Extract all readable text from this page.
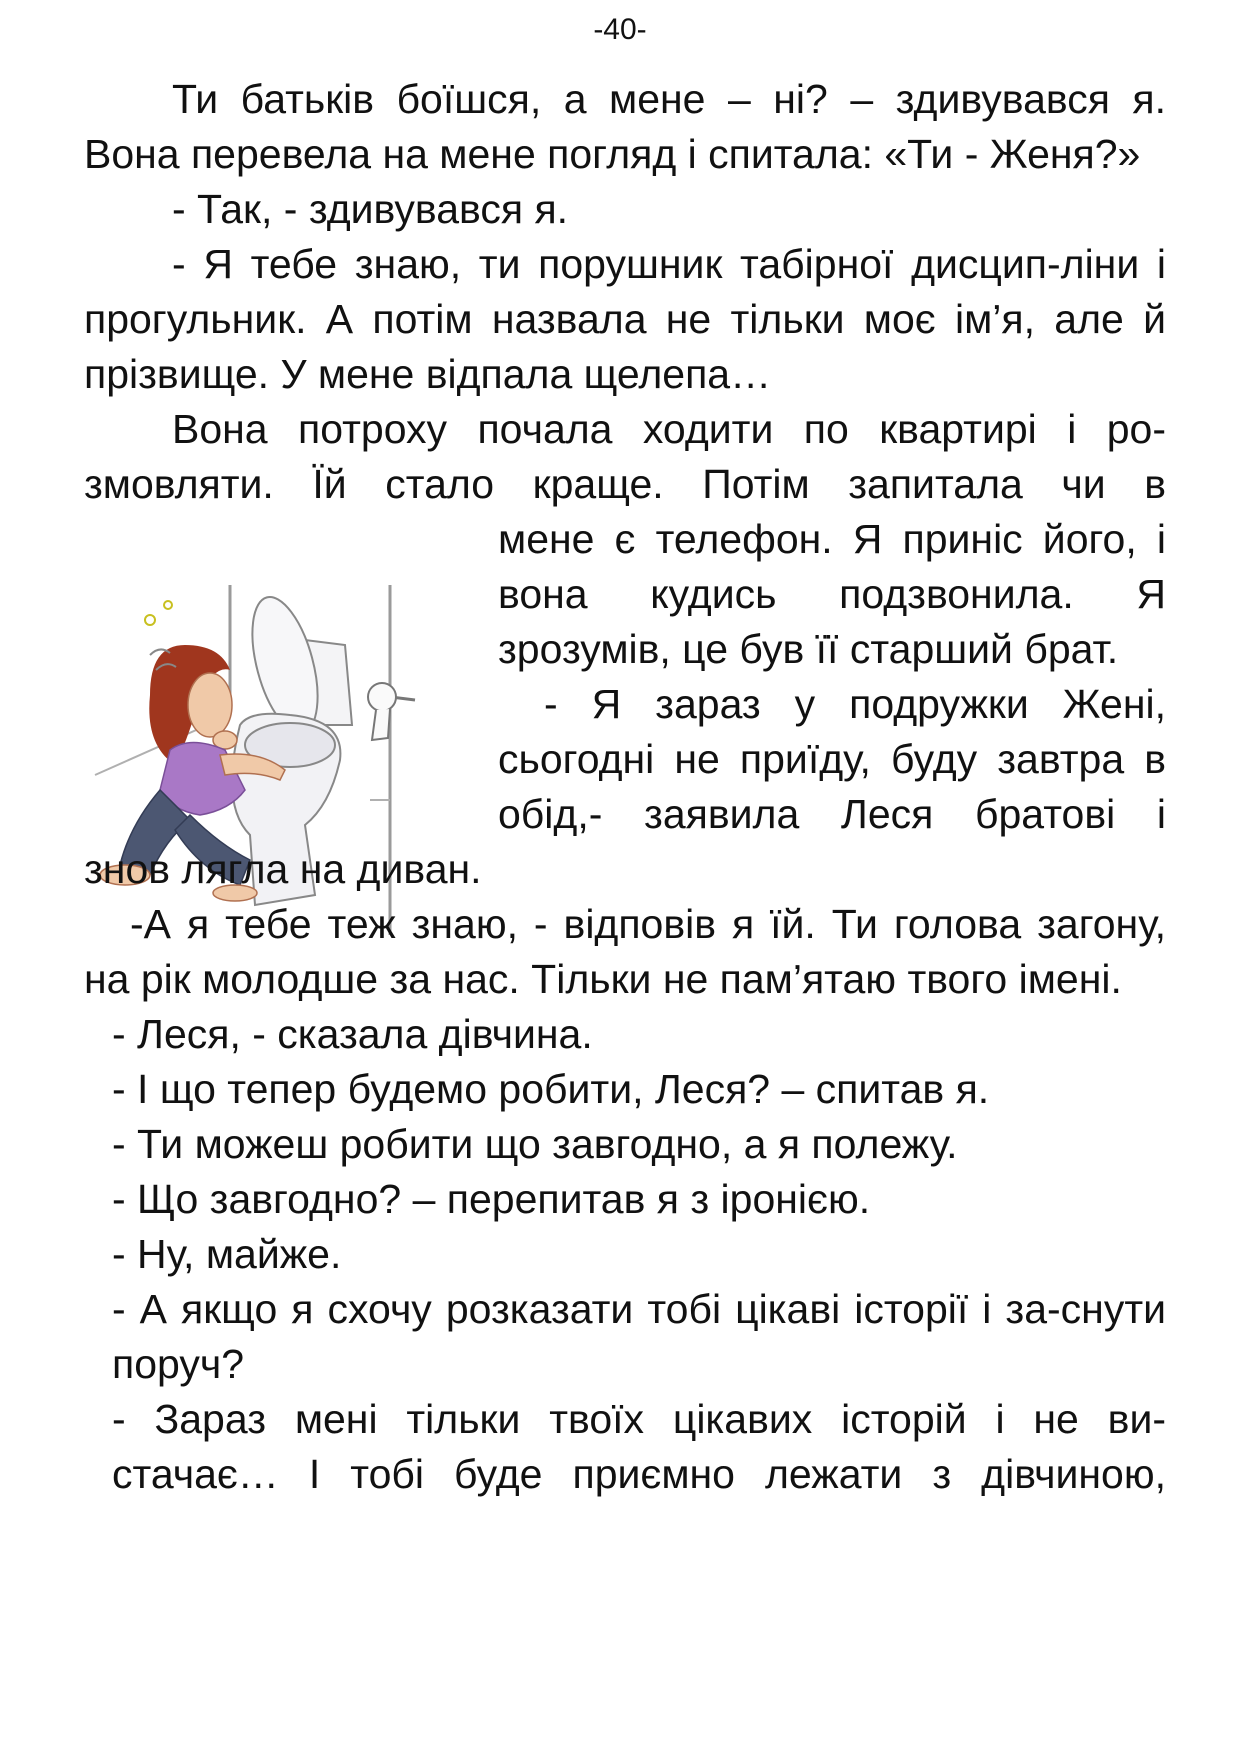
-40-

Ти батьків боїшся, а мене – ні? – здивувався я. Вона перевела на мене погляд і спитала: «Ти - Женя?»

- Так, - здивувався я.

- Я тебе знаю, ти порушник табірної дисцип-ліни і прогульник. А потім назвала не тільки моє ім’я, але й прізвище. У мене відпала щелепа…

Вона потроху почала ходити по квартирі і ро-змовляти. Їй стало краще. Потім запитала чи в

мене є телефон. Я приніс його, і вона кудись подзвонила. Я зрозумів, це був її старший брат.

- Я зараз у подружки Жені, сьогодні не приїду, буду завтра в обід,- заявила Леся братові і

знов лягла на диван.

-А я тебе теж знаю, - відповів я їй. Ти голова загону, на рік молодше за нас. Тільки не пам’ятаю твого імені.

- Леся, - сказала дівчина.

- І що тепер будемо робити, Леся? – спитав я.

- Ти можеш робити що завгодно, а я полежу.

- Що завгодно? – перепитав я з іронією.

- Ну, майже.

- А якщо я схочу розказати тобі цікаві історії і за-снути поруч?

- Зараз мені тільки твоїх цікавих історій і не ви-стачає… І тобі буде приємно лежати з дівчиною,
